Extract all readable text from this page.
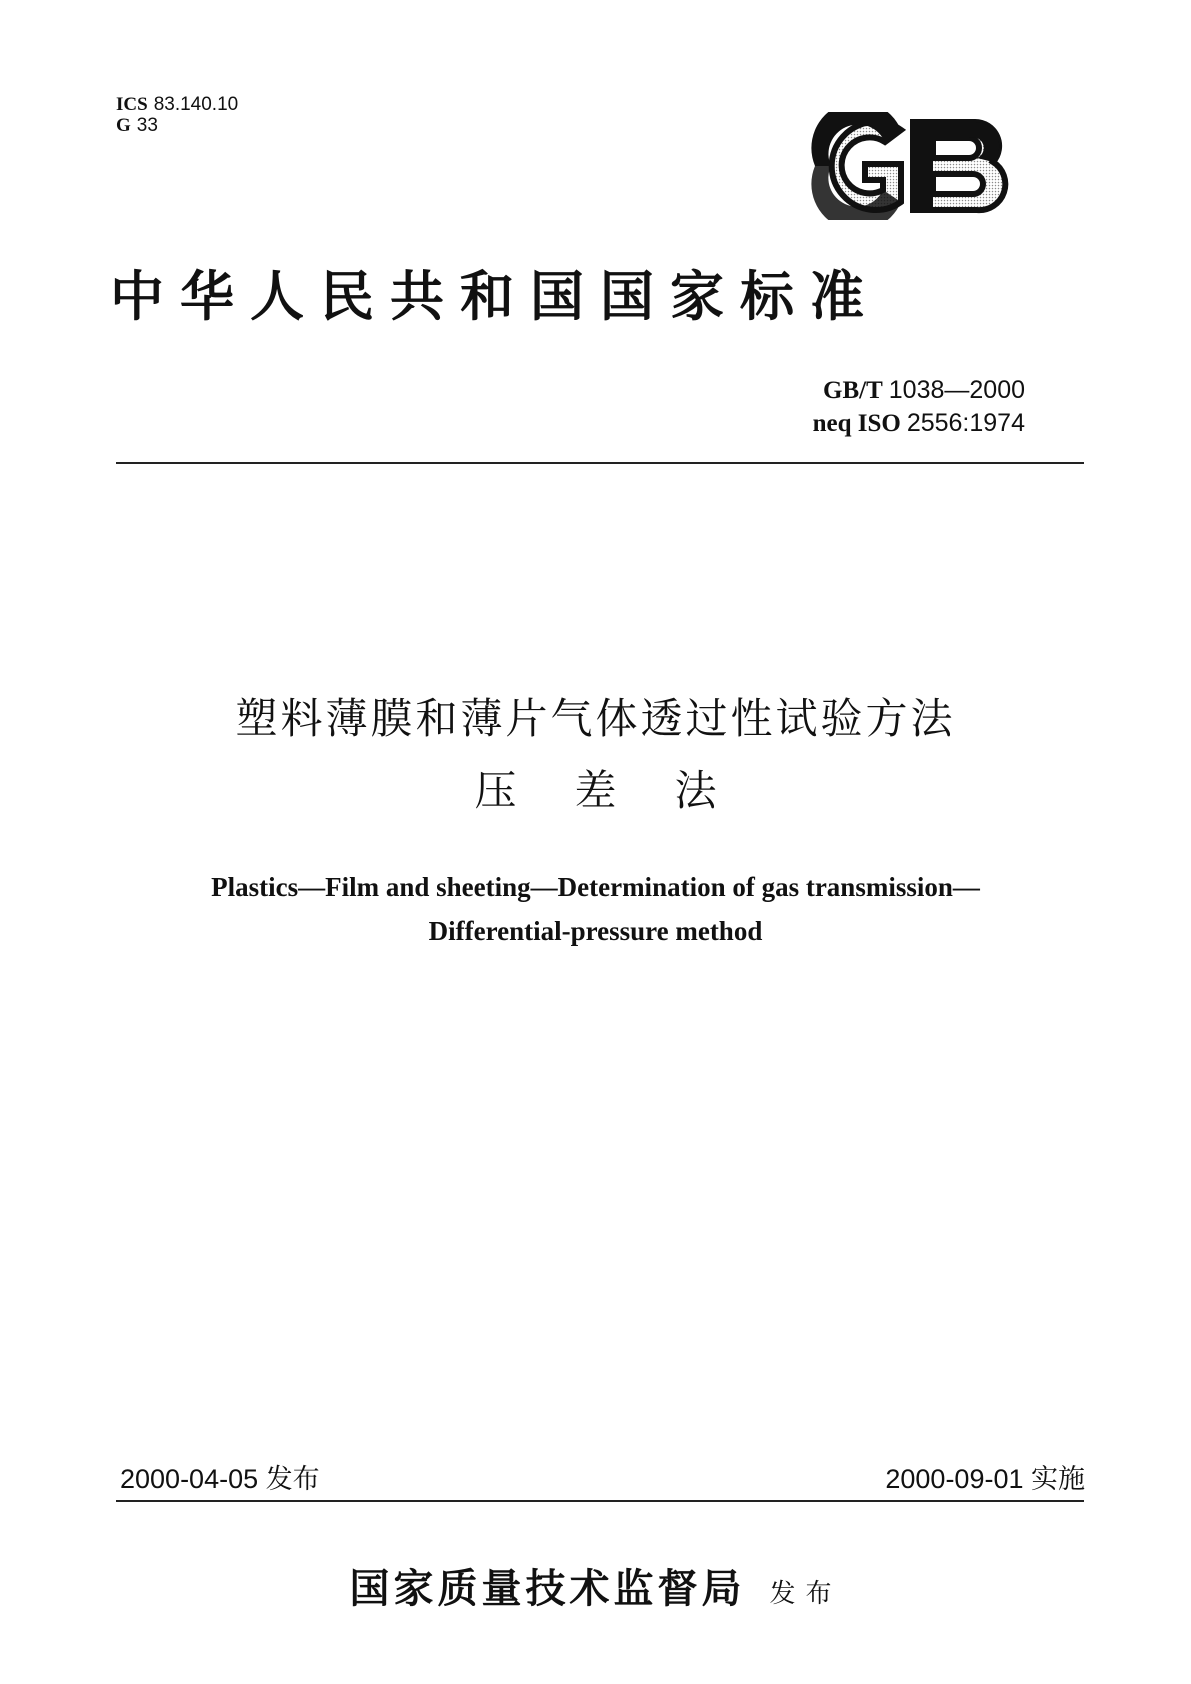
ICS 83.140.10
G 33
GB
中华人民共和国国家标准
GB/T 1038—2000
neq ISO 2556:1974
塑料薄膜和薄片气体透过性试验方法
压差法
Plastics—Film and sheeting—Determination of gas transmission—
Differential-pressure method
2000-04-05 发布	2000-09-01 实施
国家质量技术监督局 发布
